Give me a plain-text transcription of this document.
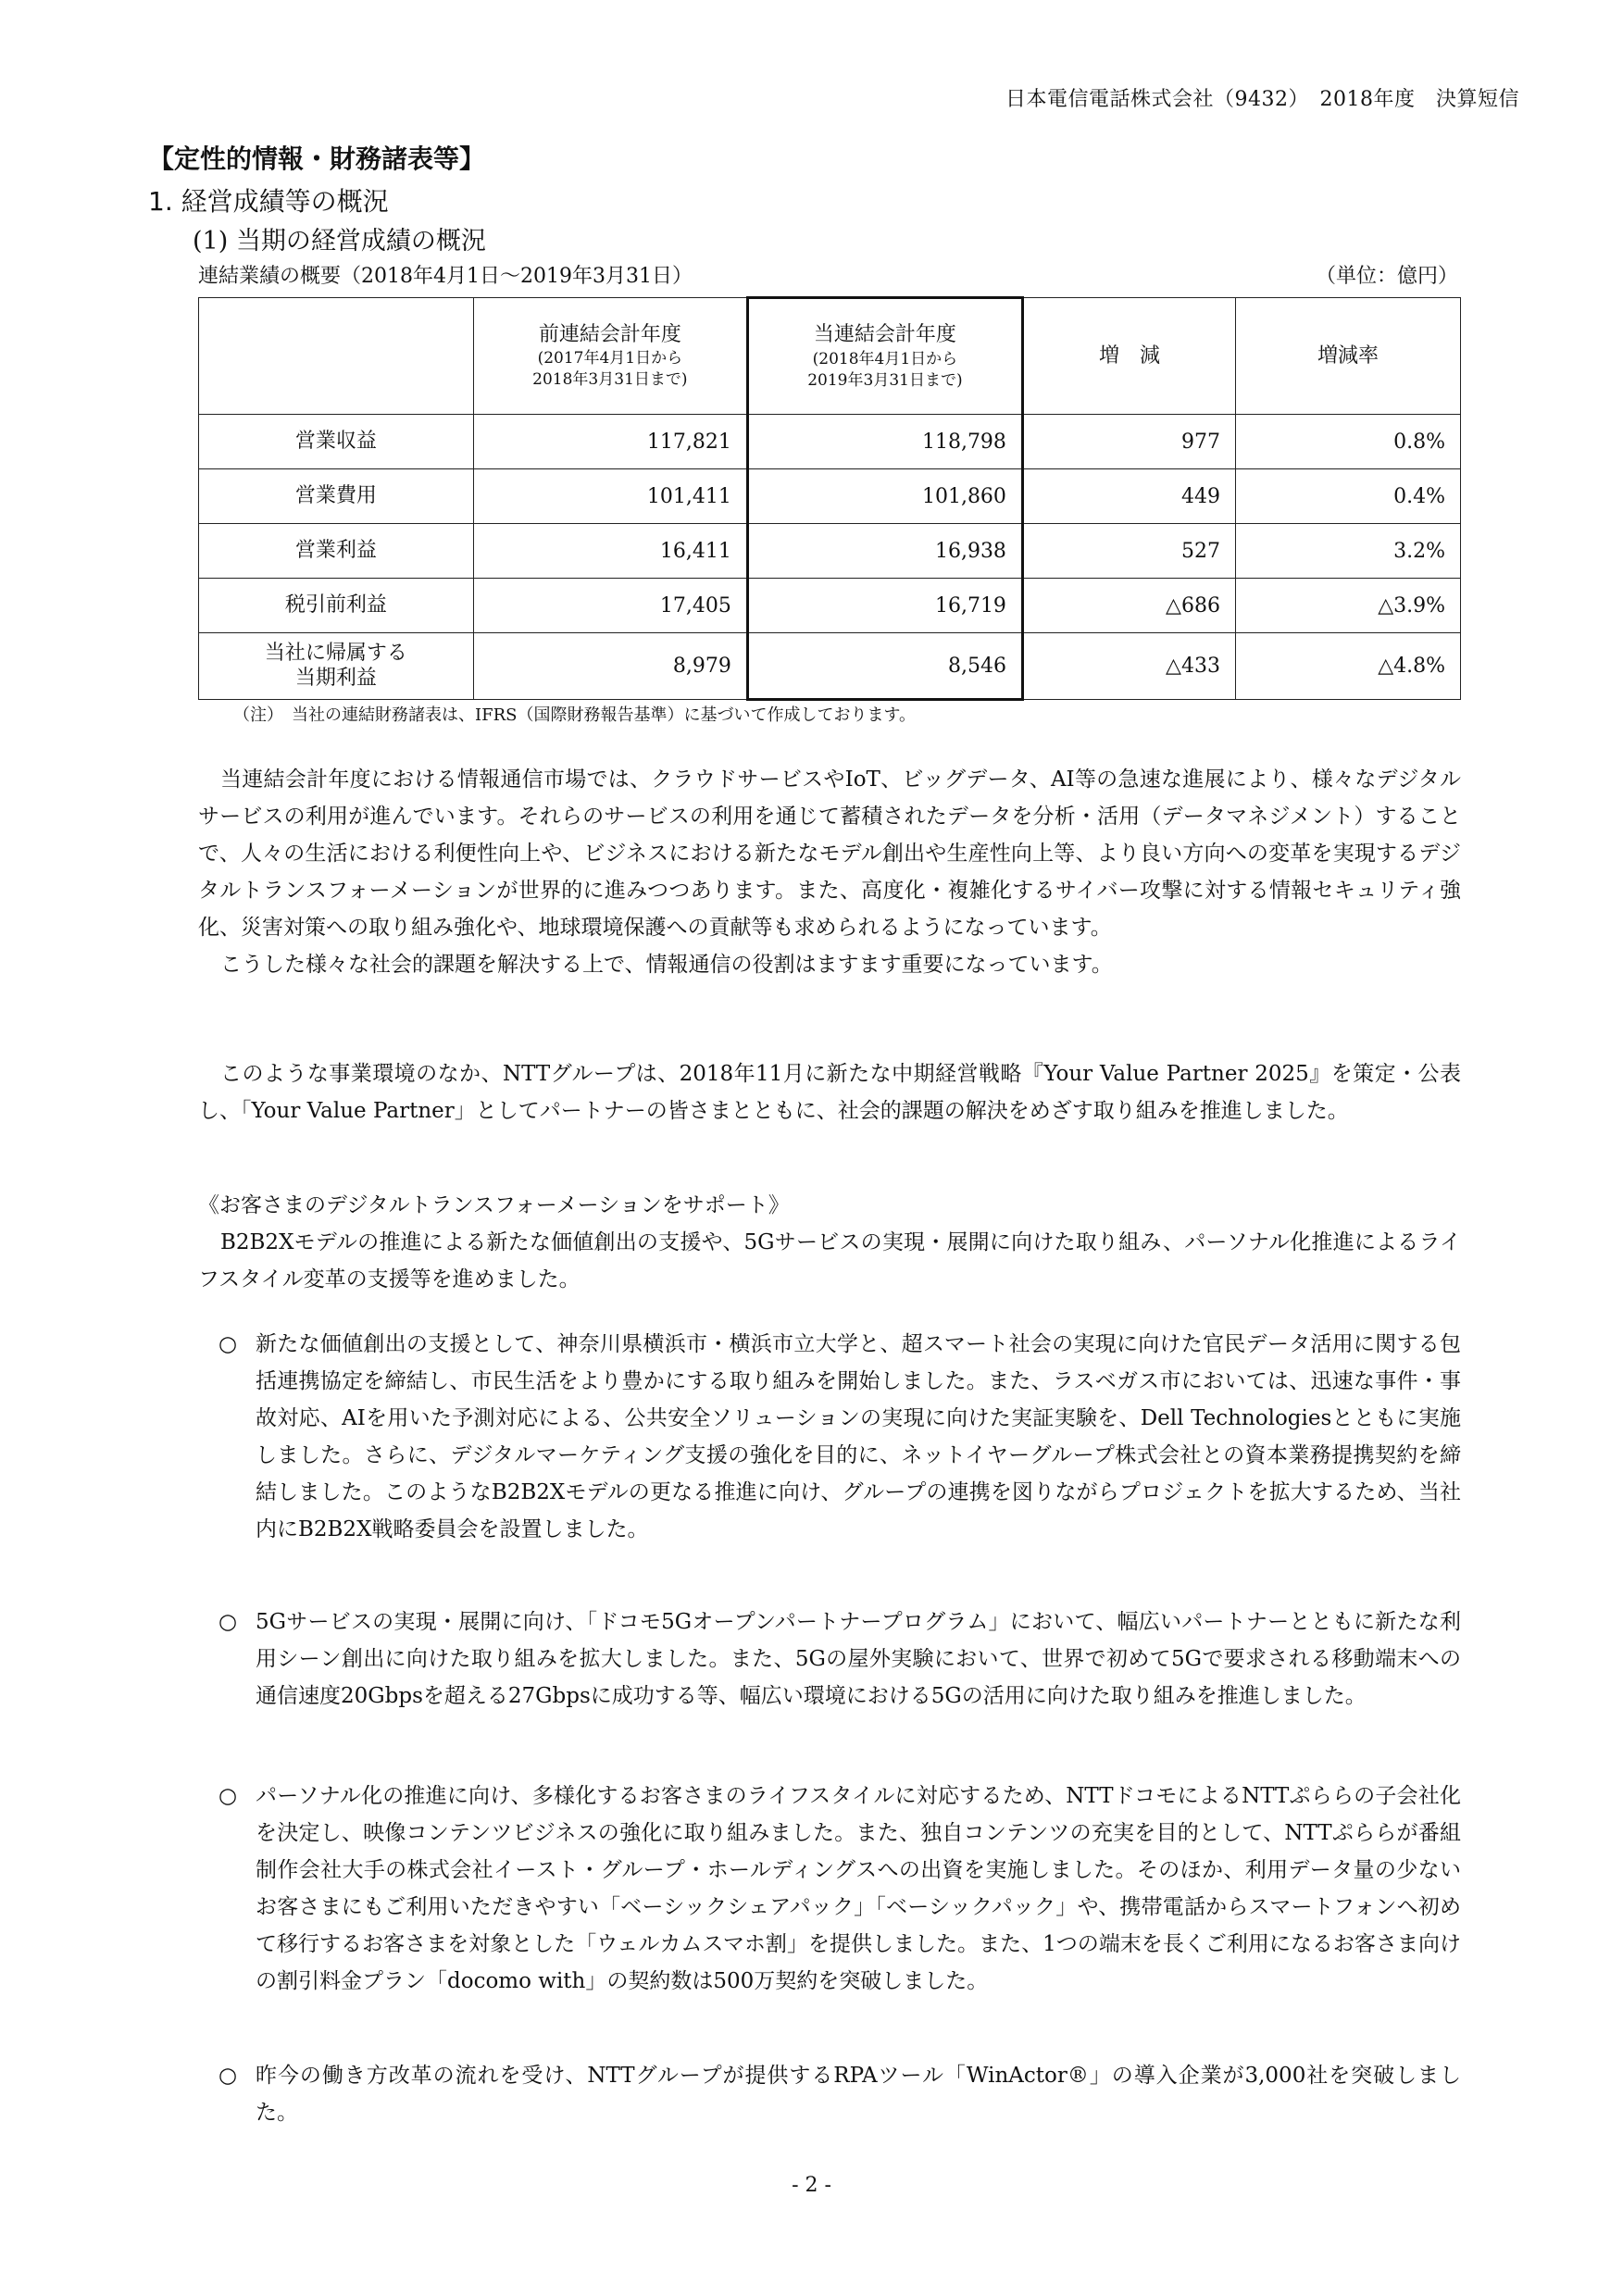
日本電信電話株式会社（9432）　2018年度　決算短信
【定性的情報・財務諸表等】
1. 経営成績等の概況
(1) 当期の経営成績の概況
連結業績の概要（2018年4月1日～2019年3月31日）	（単位：億円）
	前連結会計年度
(2017年4月1日から
2018年3月31日まで)	当連結会計年度
(2018年4月1日から
2019年3月31日まで)	増　減	増減率
営業収益	117,821	118,798	977	0.8%
営業費用	101,411	101,860	449	0.4%
営業利益	16,411	16,938	527	3.2%
税引前利益	17,405	16,719	△686	△3.9%
当社に帰属する
当期利益	8,979	8,546	△433	△4.8%
（注）　当社の連結財務諸表は、IFRS（国際財務報告基準）に基づいて作成しております。

当連結会計年度における情報通信市場では、クラウドサービスやIoT、ビッグデータ、AI等の急速な進展により、様々なデジタルサービスの利用が進んでいます。それらのサービスの利用を通じて蓄積されたデータを分析・活用（データマネジメント）することで、人々の生活における利便性向上や、ビジネスにおける新たなモデル創出や生産性向上等、より良い方向への変革を実現するデジタルトランスフォーメーションが世界的に進みつつあります。また、高度化・複雑化するサイバー攻撃に対する情報セキュリティ強化、災害対策への取り組み強化や、地球環境保護への貢献等も求められるようになっています。
こうした様々な社会的課題を解決する上で、情報通信の役割はますます重要になっています。

このような事業環境のなか、NTTグループは、2018年11月に新たな中期経営戦略『Your Value Partner 2025』を策定・公表し、「Your Value Partner」としてパートナーの皆さまとともに、社会的課題の解決をめざす取り組みを推進しました。

《お客さまのデジタルトランスフォーメーションをサポート》

B2B2Xモデルの推進による新たな価値創出の支援や、5Gサービスの実現・展開に向けた取り組み、パーソナル化推進によるライフスタイル変革の支援等を進めました。

○ 新たな価値創出の支援として、神奈川県横浜市・横浜市立大学と、超スマート社会の実現に向けた官民データ活用に関する包括連携協定を締結し、市民生活をより豊かにする取り組みを開始しました。また、ラスベガス市においては、迅速な事件・事故対応、AIを用いた予測対応による、公共安全ソリューションの実現に向けた実証実験を、Dell Technologiesとともに実施しました。さらに、デジタルマーケティング支援の強化を目的に、ネットイヤーグループ株式会社との資本業務提携契約を締結しました。このようなB2B2Xモデルの更なる推進に向け、グループの連携を図りながらプロジェクトを拡大するため、当社内にB2B2X戦略委員会を設置しました。
○ 5Gサービスの実現・展開に向け、「ドコモ5Gオープンパートナープログラム」において、幅広いパートナーとともに新たな利用シーン創出に向けた取り組みを拡大しました。また、5Gの屋外実験において、世界で初めて5Gで要求される移動端末への通信速度20Gbpsを超える27Gbpsに成功する等、幅広い環境における5Gの活用に向けた取り組みを推進しました。
○ パーソナル化の推進に向け、多様化するお客さまのライフスタイルに対応するため、NTTドコモによるNTTぷららの子会社化を決定し、映像コンテンツビジネスの強化に取り組みました。また、独自コンテンツの充実を目的として、NTTぷららが番組制作会社大手の株式会社イースト・グループ・ホールディングスへの出資を実施しました。そのほか、利用データ量の少ないお客さまにもご利用いただきやすい「ベーシックシェアパック」「ベーシックパック」や、携帯電話からスマートフォンへ初めて移行するお客さまを対象とした「ウェルカムスマホ割」を提供しました。また、1つの端末を長くご利用になるお客さま向けの割引料金プラン「docomo with」の契約数は500万契約を突破しました。
○ 昨今の働き方改革の流れを受け、NTTグループが提供するRPAツール「WinActor®」の導入企業が3,000社を突破しました。
- 2 -
